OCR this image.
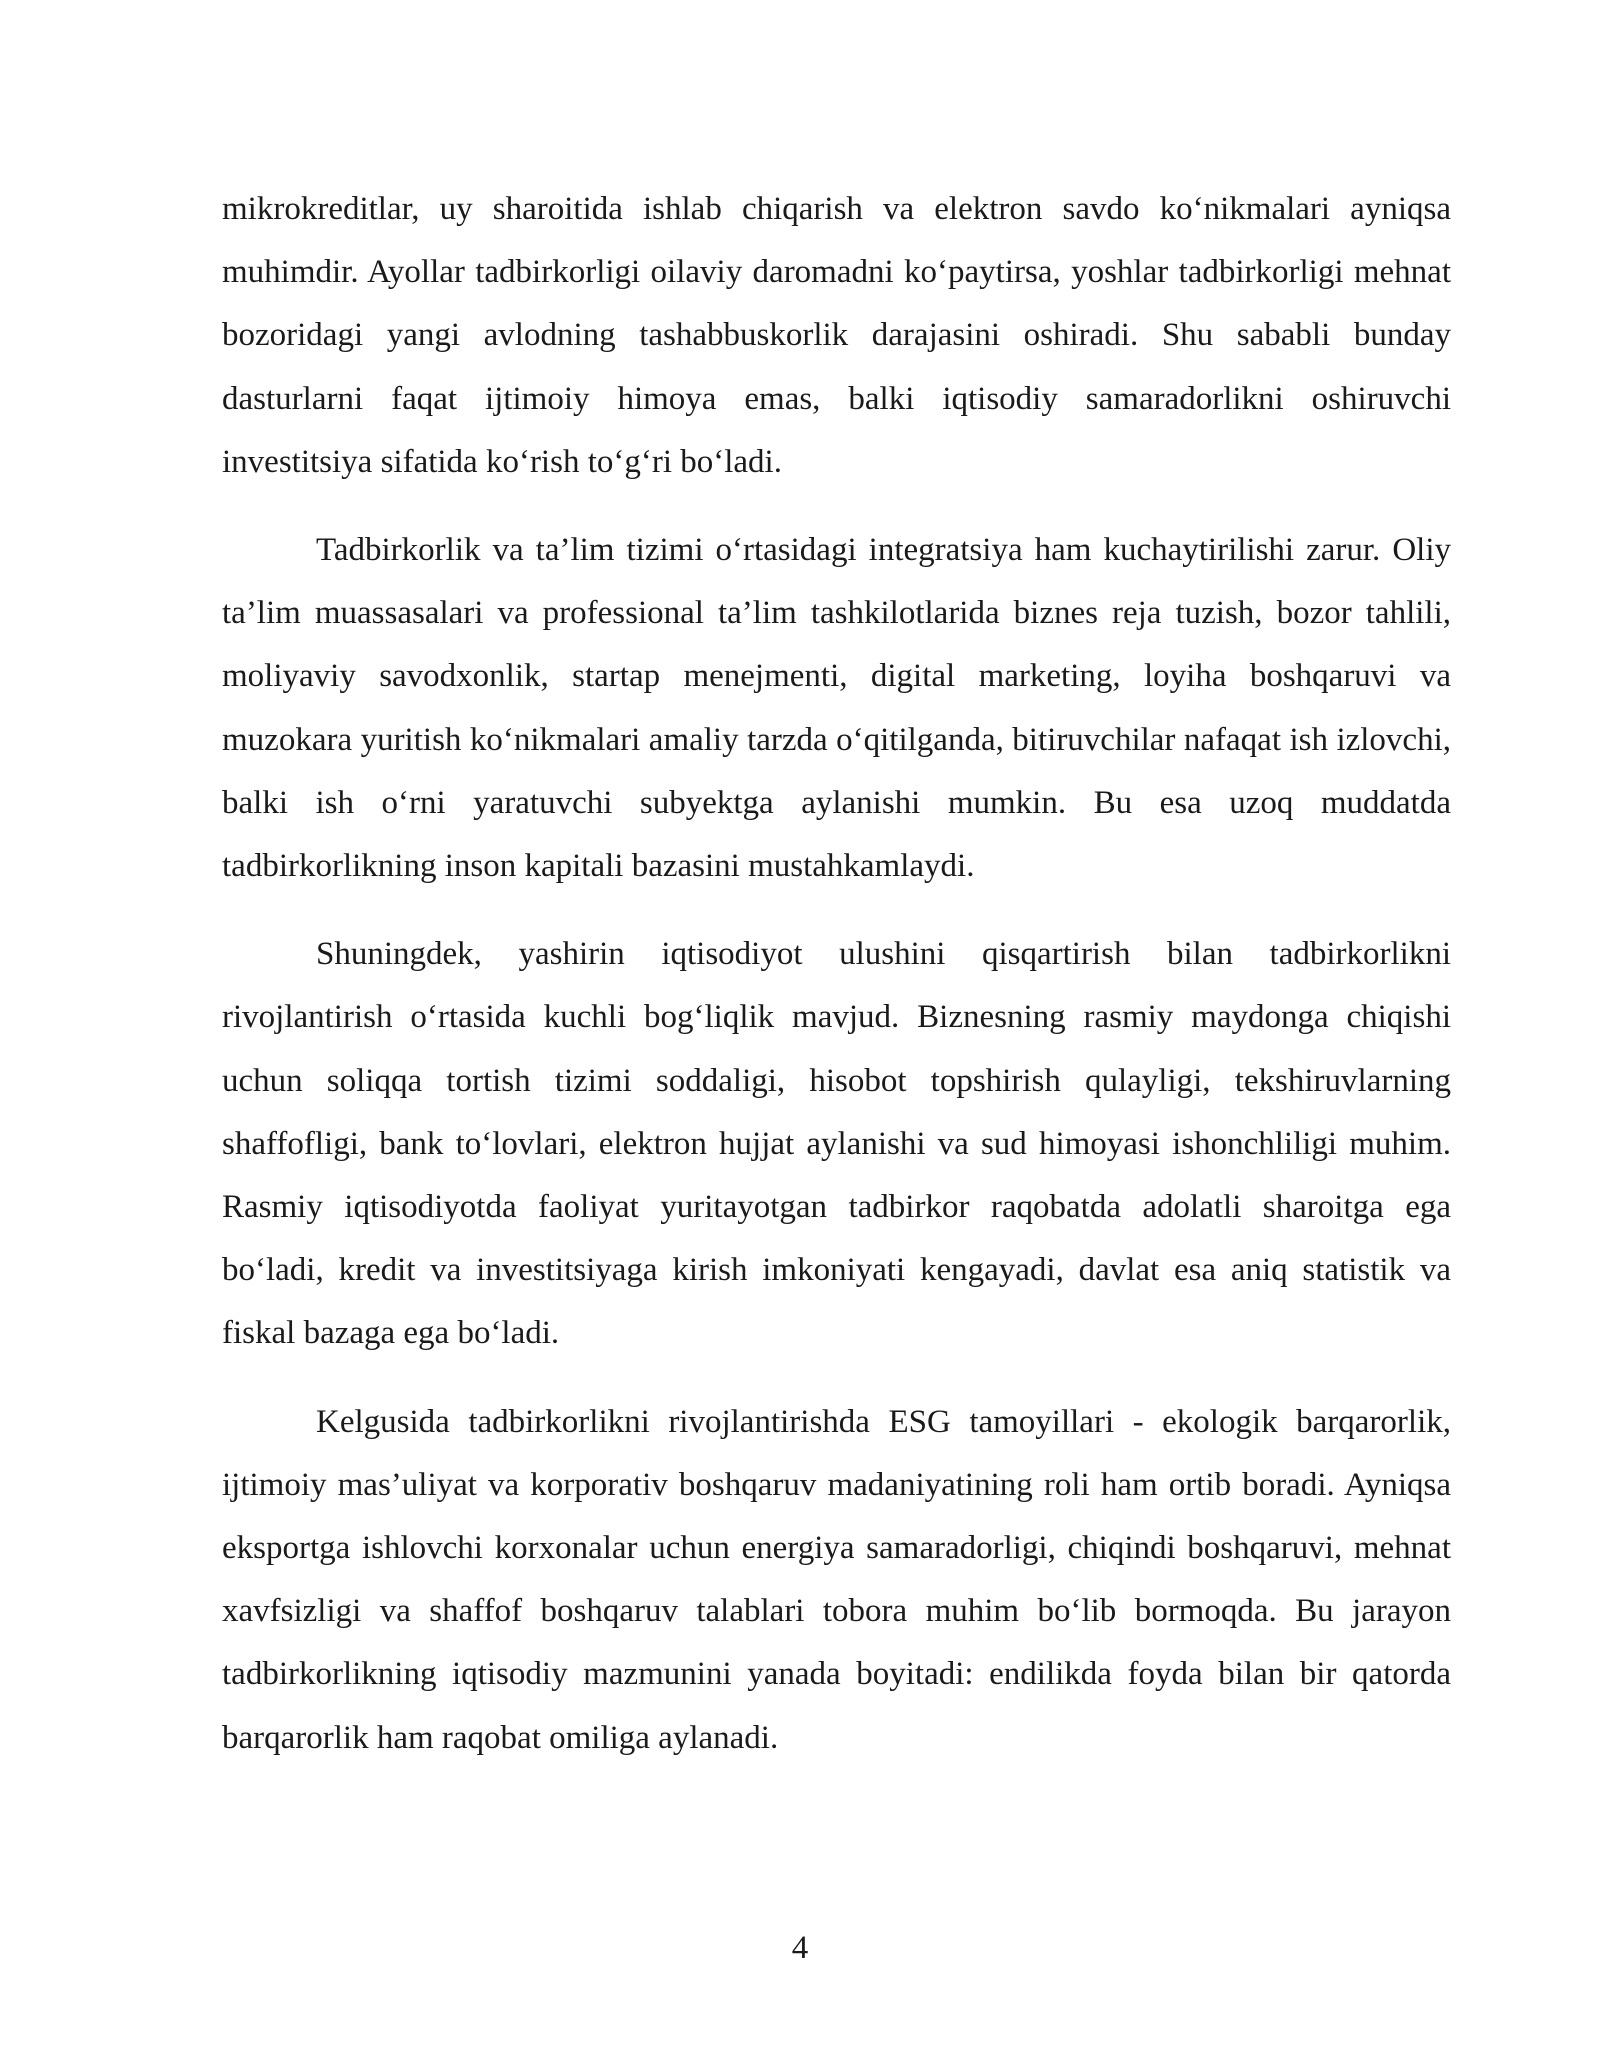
mikrokreditlar, uy sharoitida ishlab chiqarish va elektron savdo ko‘nikmalari ayniqsa muhimdir. Ayollar tadbirkorligi oilaviy daromadni ko‘paytirsa, yoshlar tadbirkorligi mehnat bozoridagi yangi avlodning tashabbuskorlik darajasini oshiradi. Shu sababli bunday dasturlarni faqat ijtimoiy himoya emas, balki iqtisodiy samaradorlikni oshiruvchi investitsiya sifatida ko‘rish to‘g‘ri bo‘ladi.

Tadbirkorlik va ta’lim tizimi o‘rtasidagi integratsiya ham kuchaytirilishi zarur. Oliy ta’lim muassasalari va professional ta’lim tashkilotlarida biznes reja tuzish, bozor tahlili, moliyaviy savodxonlik, startap menejmenti, digital marketing, loyiha boshqaruvi va muzokara yuritish ko‘nikmalari amaliy tarzda o‘qitilganda, bitiruvchilar nafaqat ish izlovchi, balki ish o‘rni yaratuvchi subyektga aylanishi mumkin. Bu esa uzoq muddatda tadbirkorlikning inson kapitali bazasini mustahkamlaydi.

Shuningdek, yashirin iqtisodiyot ulushini qisqartirish bilan tadbirkorlikni rivojlantirish o‘rtasida kuchli bog‘liqlik mavjud. Biznesning rasmiy maydonga chiqishi uchun soliqqa tortish tizimi soddaligi, hisobot topshirish qulayligi, tekshiruvlarning shaffofligi, bank to‘lovlari, elektron hujjat aylanishi va sud himoyasi ishonchliligi muhim. Rasmiy iqtisodiyotda faoliyat yuritayotgan tadbirkor raqobatda adolatli sharoitga ega bo‘ladi, kredit va investitsiyaga kirish imkoniyati kengayadi, davlat esa aniq statistik va fiskal bazaga ega bo‘ladi.

Kelgusida tadbirkorlikni rivojlantirishda ESG tamoyillari - ekologik barqarorlik, ijtimoiy mas’uliyat va korporativ boshqaruv madaniyatining roli ham ortib boradi. Ayniqsa eksportga ishlovchi korxonalar uchun energiya samaradorligi, chiqindi boshqaruvi, mehnat xavfsizligi va shaffof boshqaruv talablari tobora muhim bo‘lib bormoqda. Bu jarayon tadbirkorlikning iqtisodiy mazmunini yanada boyitadi: endilikda foyda bilan bir qatorda barqarorlik ham raqobat omiliga aylanadi.

4
